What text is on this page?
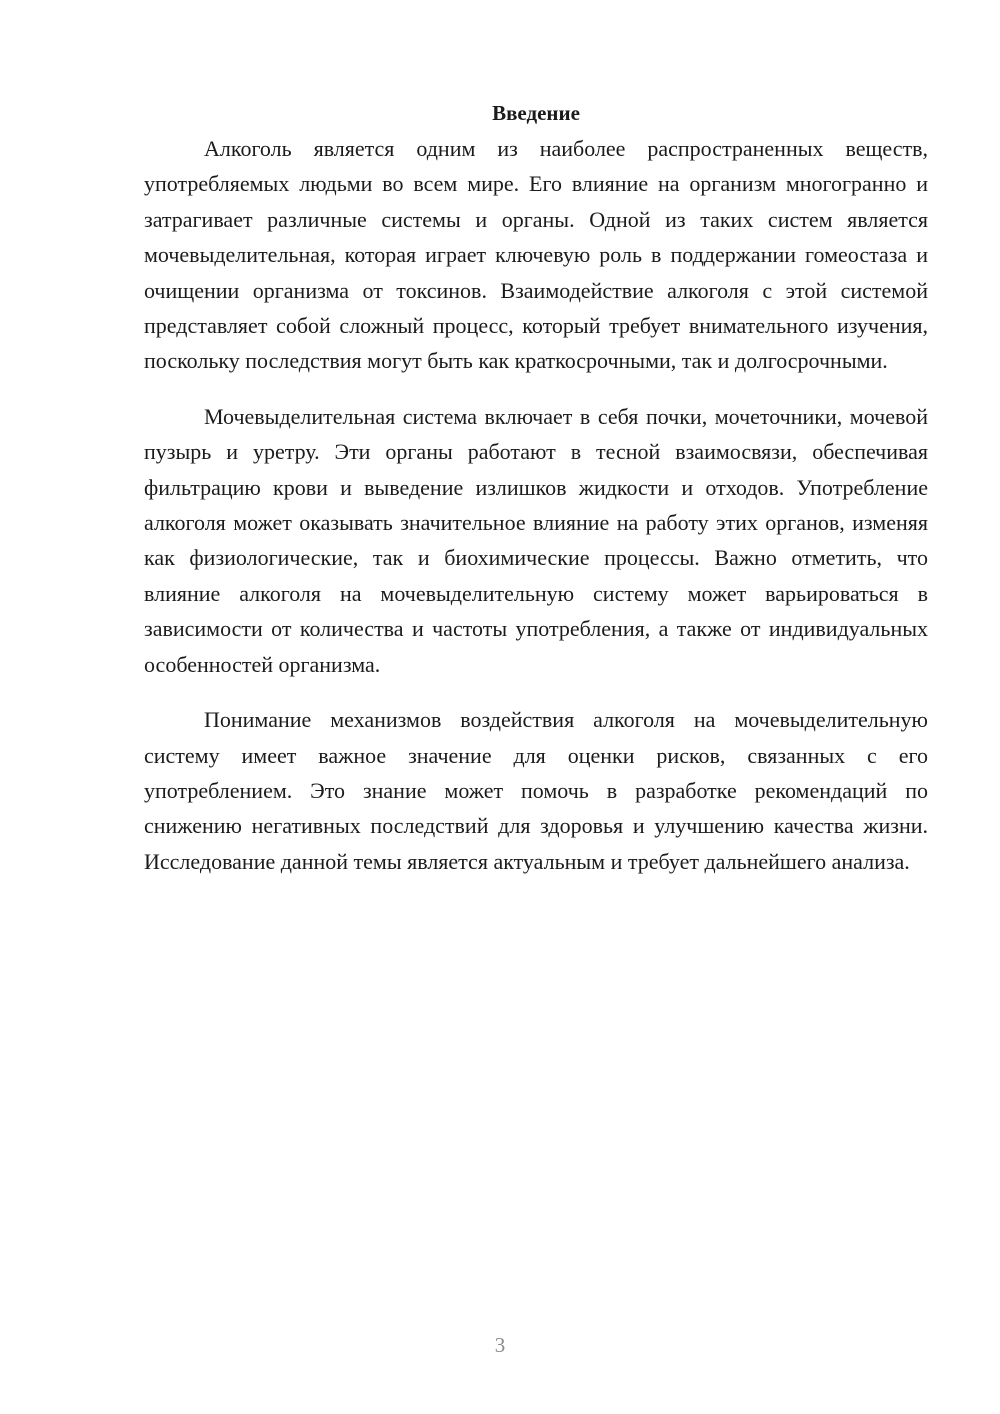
Введение

Алкоголь является одним из наиболее распространенных веществ, употребляемых людьми во всем мире. Его влияние на организм многогранно и затрагивает различные системы и органы. Одной из таких систем является мочевыделительная, которая играет ключевую роль в поддержании гомеостаза и очищении организма от токсинов. Взаимодействие алкоголя с этой системой представляет собой сложный процесс, который требует внимательного изучения, поскольку последствия могут быть как краткосрочными, так и долгосрочными.

Мочевыделительная система включает в себя почки, мочеточники, мочевой пузырь и уретру. Эти органы работают в тесной взаимосвязи, обеспечивая фильтрацию крови и выведение излишков жидкости и отходов. Употребление алкоголя может оказывать значительное влияние на работу этих органов, изменяя как физиологические, так и биохимические процессы. Важно отметить, что влияние алкоголя на мочевыделительную систему может варьироваться в зависимости от количества и частоты употребления, а также от индивидуальных особенностей организма.

Понимание механизмов воздействия алкоголя на мочевыделительную систему имеет важное значение для оценки рисков, связанных с его употреблением. Это знание может помочь в разработке рекомендаций по снижению негативных последствий для здоровья и улучшению качества жизни. Исследование данной темы является актуальным и требует дальнейшего анализа.

3
